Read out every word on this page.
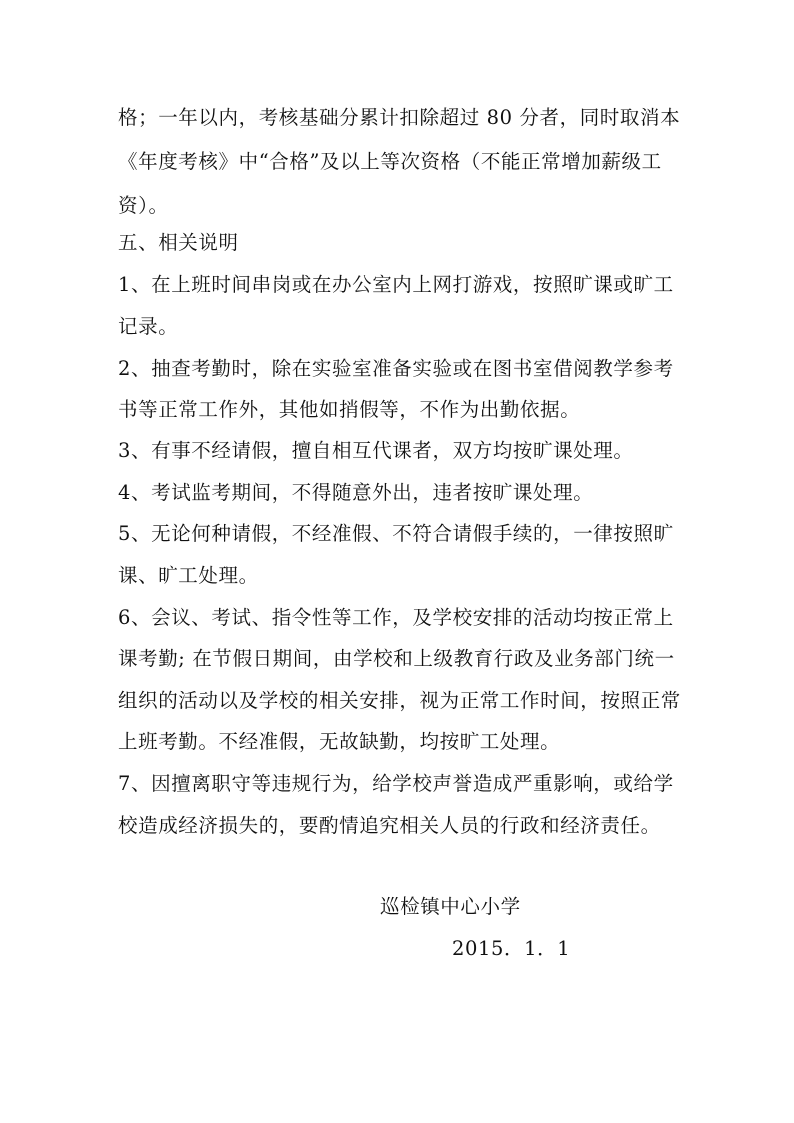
格；一年以内，考核基础分累计扣除超过 80 分者，同时取消本
《年度考核》中“合格”及以上等次资格（不能正常增加薪级工
资）。
五、相关说明
1、在上班时间串岗或在办公室内上网打游戏，按照旷课或旷工
记录。
2、抽查考勤时，除在实验室准备实验或在图书室借阅教学参考
书等正常工作外，其他如捎假等，不作为出勤依据。
3、有事不经请假，擅自相互代课者，双方均按旷课处理。
4、考试监考期间，不得随意外出，违者按旷课处理。
5、无论何种请假，不经准假、不符合请假手续的，一律按照旷
课、旷工处理。
6、会议、考试、指令性等工作，及学校安排的活动均按正常上
课考勤; 在节假日期间，由学校和上级教育行政及业务部门统一
组织的活动以及学校的相关安排，视为正常工作时间，按照正常
上班考勤。不经准假，无故缺勤，均按旷工处理。
7、因擅离职守等违规行为，给学校声誉造成严重影响，或给学
校造成经济损失的，要酌情追究相关人员的行政和经济责任。
巡检镇中心小学
2015．1．1
